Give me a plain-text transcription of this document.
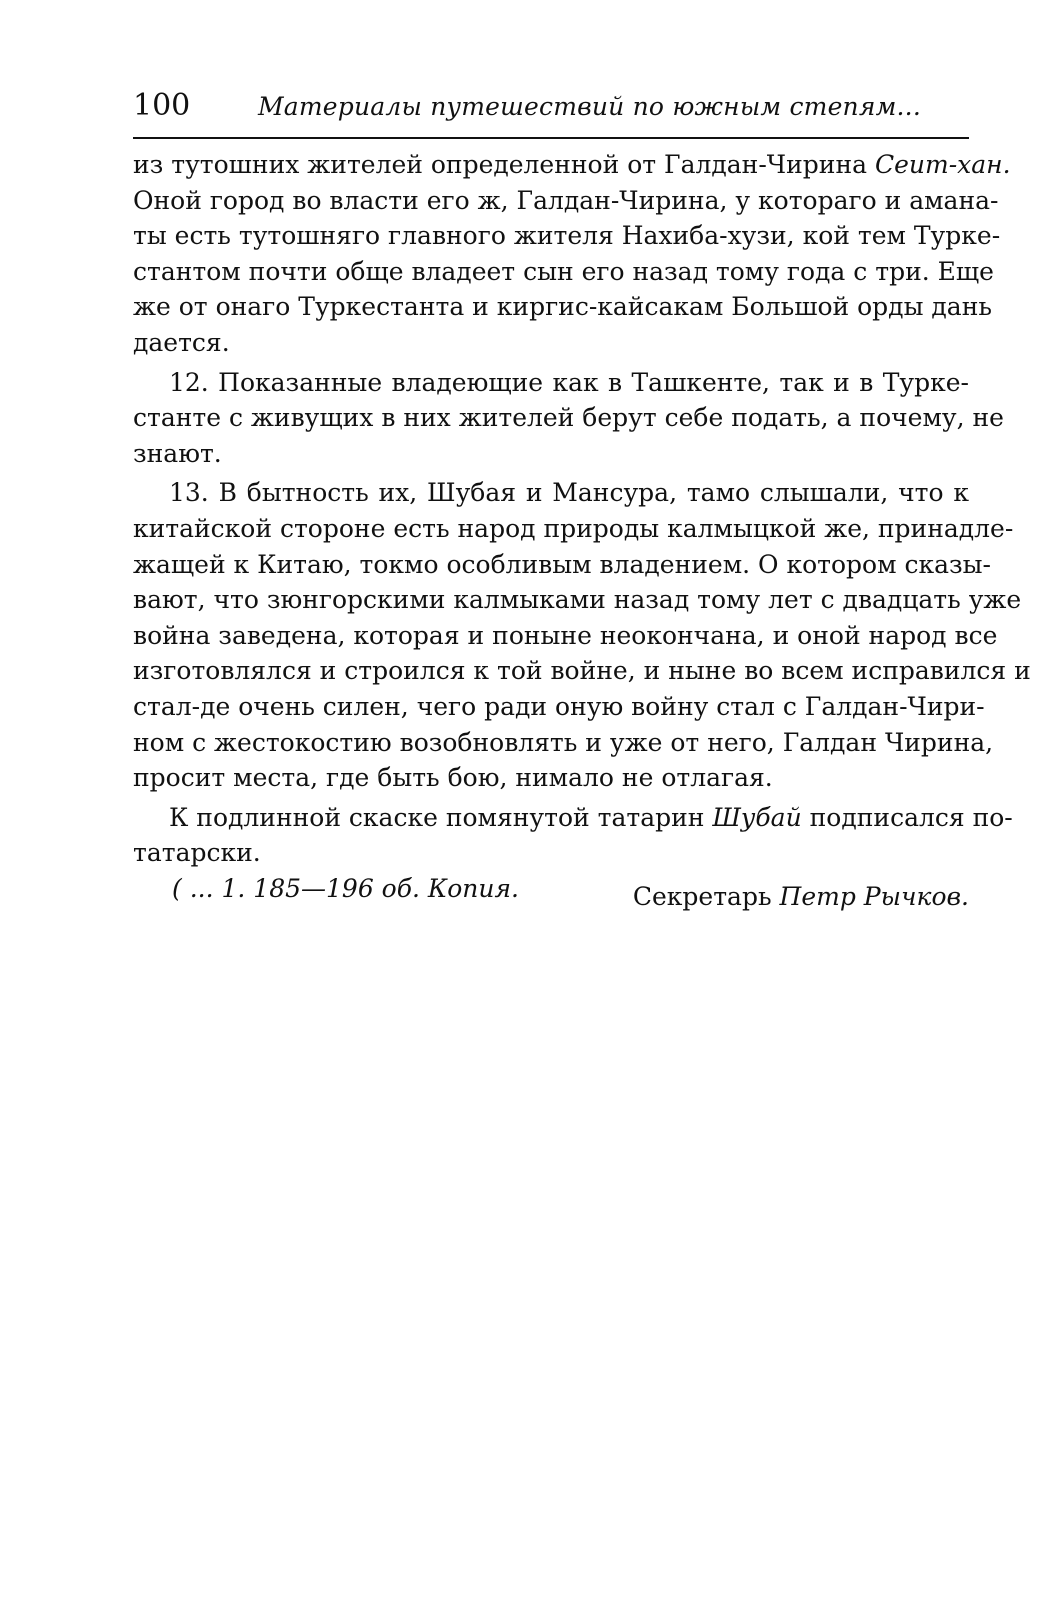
100	Материалы путешествий по южным степям...
из тутошних жителей определенной от Галдан-Чирина Сеит-хан.
Оной город во власти его ж, Галдан-Чирина, у котораго и амана-
ты есть тутошняго главного жителя Нахиба-хузи, кой тем Турке-
стантом почти обще владеет сын его назад тому года с три. Еще
же от онаго Туркестанта и киргис-кайсакам Большой орды дань
дается.
12. Показанные владеющие как в Ташкенте, так и в Турке-
станте с живущих в них жителей берут себе подать, а почему, не
знают.
13. В бытность их, Шубая и Мансура, тамо слышали, что к
китайской стороне есть народ природы калмыцкой же, принадле-
жащей к Китаю, токмо особливым владением. О котором сказы-
вают, что зюнгорскими калмыками назад тому лет с двадцать уже
война заведена, которая и поныне неокончана, и оной народ все
изготовлялся и строился к той войне, и ныне во всем исправился и
стал-де очень силен, чего ради оную войну стал с Галдан-Чири-
ном с жестокостию возобновлять и уже от него, Галдан Чирина,
просит места, где быть бою, нималo не отлагая.
К подлинной скаске помянутой татарин Шубай подписался по-
татарски.
Секретарь Петр Рычков.
( ... 1. 185—196 об. Копия.
